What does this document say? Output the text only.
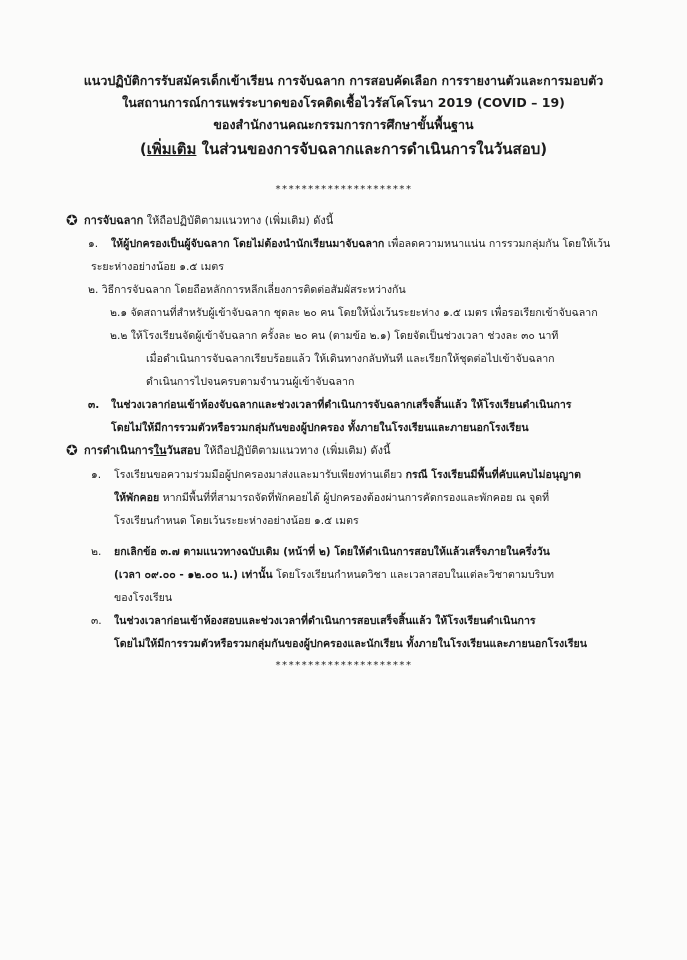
แนวปฏิบัติการรับสมัครเด็กเข้าเรียน การจับฉลาก การสอบคัดเลือก การรายงานตัวและการมอบตัว
ในสถานการณ์การแพร่ระบาดของโรคติดเชื้อไวรัสโคโรนา 2019 (COVID – 19)
ของสำนักงานคณะกรรมการการศึกษาขั้นพื้นฐาน
(เพิ่มเติม ในส่วนของการจับฉลากและการดำเนินการในวันสอบ)
*********************
✪ การจับฉลาก ให้ถือปฏิบัติตามแนวทาง (เพิ่มเติม) ดังนี้
๑. ให้ผู้ปกครองเป็นผู้จับฉลาก โดยไม่ต้องนำนักเรียนมาจับฉลาก เพื่อลดความหนาแน่น การรวมกลุ่มกัน โดยให้เว้น
ระยะห่างอย่างน้อย ๑.๕ เมตร
๒. วิธีการจับฉลาก โดยถือหลักการหลีกเลี่ยงการติดต่อสัมผัสระหว่างกัน
๒.๑ จัดสถานที่สำหรับผู้เข้าจับฉลาก ชุดละ ๒๐ คน โดยให้นั่งเว้นระยะห่าง ๑.๕ เมตร เพื่อรอเรียกเข้าจับฉลาก
๒.๒ ให้โรงเรียนจัดผู้เข้าจับฉลาก ครั้งละ ๒๐ คน (ตามข้อ ๒.๑) โดยจัดเป็นช่วงเวลา ช่วงละ ๓๐ นาที
เมื่อดำเนินการจับฉลากเรียบร้อยแล้ว ให้เดินทางกลับทันที และเรียกให้ชุดต่อไปเข้าจับฉลาก
ดำเนินการไปจนครบตามจำนวนผู้เข้าจับฉลาก
๓. ในช่วงเวลาก่อนเข้าห้องจับฉลากและช่วงเวลาที่ดำเนินการจับฉลากเสร็จสิ้นแล้ว ให้โรงเรียนดำเนินการ
โดยไม่ให้มีการรวมตัวหรือรวมกลุ่มกันของผู้ปกครอง ทั้งภายในโรงเรียนและภายนอกโรงเรียน
✪ การดำเนินการในวันสอบ ให้ถือปฏิบัติตามแนวทาง (เพิ่มเติม) ดังนี้
๑. โรงเรียนขอความร่วมมือผู้ปกครองมาส่งและมารับเพียงท่านเดียว กรณี โรงเรียนมีพื้นที่คับแคบไม่อนุญาต
ให้พักคอย หากมีพื้นที่ที่สามารถจัดที่พักคอยได้ ผู้ปกครองต้องผ่านการคัดกรองและพักคอย ณ จุดที่
โรงเรียนกำหนด โดยเว้นระยะห่างอย่างน้อย ๑.๕ เมตร
๒. ยกเลิกข้อ ๓.๗ ตามแนวทางฉบับเดิม (หน้าที่ ๒) โดยให้ดำเนินการสอบให้แล้วเสร็จภายในครึ่งวัน
(เวลา ๐๙.๐๐ - ๑๒.๐๐ น.) เท่านั้น โดยโรงเรียนกำหนดวิชา และเวลาสอบในแต่ละวิชาตามบริบท
ของโรงเรียน
๓. ในช่วงเวลาก่อนเข้าห้องสอบและช่วงเวลาที่ดำเนินการสอบเสร็จสิ้นแล้ว ให้โรงเรียนดำเนินการ
โดยไม่ให้มีการรวมตัวหรือรวมกลุ่มกันของผู้ปกครองและนักเรียน ทั้งภายในโรงเรียนและภายนอกโรงเรียน
*********************
